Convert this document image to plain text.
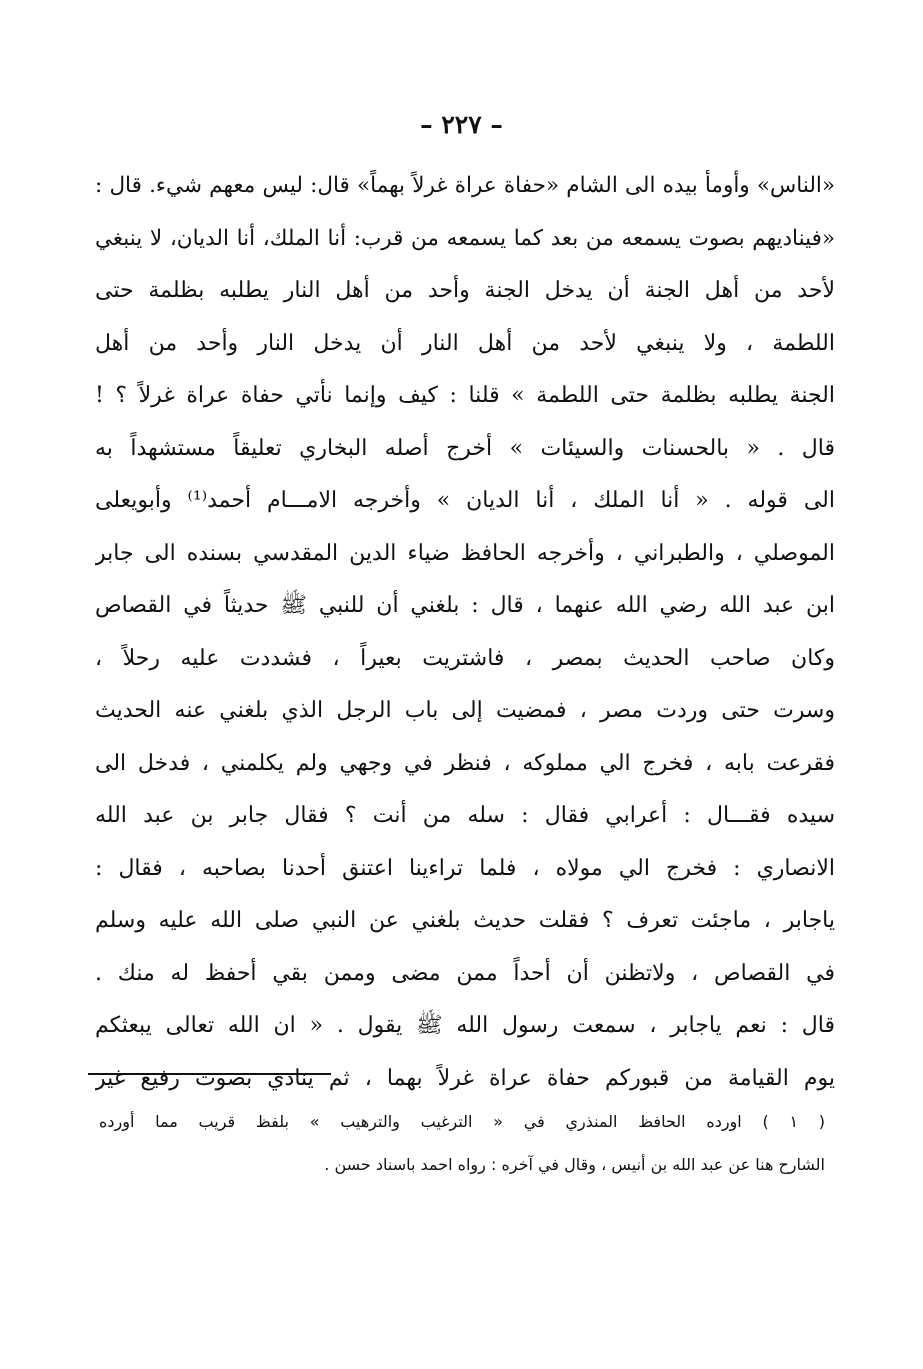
– ٢٢٧ –
«الناس» وأومأ بيده الى الشام «حفاة عراة غرلاً بهماً» قال: ليس معهم شيء. قال :
«فيناديهم بصوت يسمعه من بعد كما يسمعه من قرب: أنا الملك، أنا الديان، لا ينبغي
لأحد من أهل الجنة أن يدخل الجنة وأحد من أهل النار يطلبه بظلمة حتى
اللطمة ، ولا ينبغي لأحد من أهل النار أن يدخل النار وأحد من أهل
الجنة يطلبه بظلمة حتى اللطمة » قلنا : كيف وإنما نأتي حفاة عراة غرلاً ؟ !
قال . « بالحسنات والسيئات » أخرج أصله البخاري تعليقاً مستشهداً به
الى قوله . « أنا الملك ، أنا الديان » وأخرجه الامـــام أحمد⁽¹⁾ وأبويعلى
الموصلي ، والطبراني ، وأخرجه الحافظ ضياء الدين المقدسي بسنده الى جابر
ابن عبد الله رضي الله عنهما ، قال : بلغني أن للنبي ﷺ حديثاً في القصاص
وكان صاحب الحديث بمصر ، فاشتريت بعيراً ، فشددت عليه رحلاً ،
وسرت حتى وردت مصر ، فمضيت إلى باب الرجل الذي بلغني عنه الحديث
فقرعت بابه ، فخرج الي مملوكه ، فنظر في وجهي ولم يكلمني ، فدخل الى
سيده فقـــال : أعرابي فقال : سله من أنت ؟ فقال جابر بن عبد الله
الانصاري : فخرج الي مولاه ، فلما تراءينا اعتنق أحدنا بصاحبه ، فقال :
ياجابر ، ماجئت تعرف ؟ فقلت حديث بلغني عن النبي صلى الله عليه وسلم
في القصاص ، ولاتظنن أن أحداً ممن مضى وممن بقي أحفظ له منك .
قال : نعم ياجابر ، سمعت رسول الله ﷺ يقول . « ان الله تعالى يبعثكم
يوم القيامة من قبوركم حفاة عراة غرلاً بهما ، ثم ينادي بصوت رفيع غير
( ١ ) اورده الحافظ المنذري في « الترغيب والترهيب » بلفظ قريب مما أورده
الشارح هنا عن عبد الله بن أنيس ، وقال في آخره : رواه احمد باسناد حسن .
